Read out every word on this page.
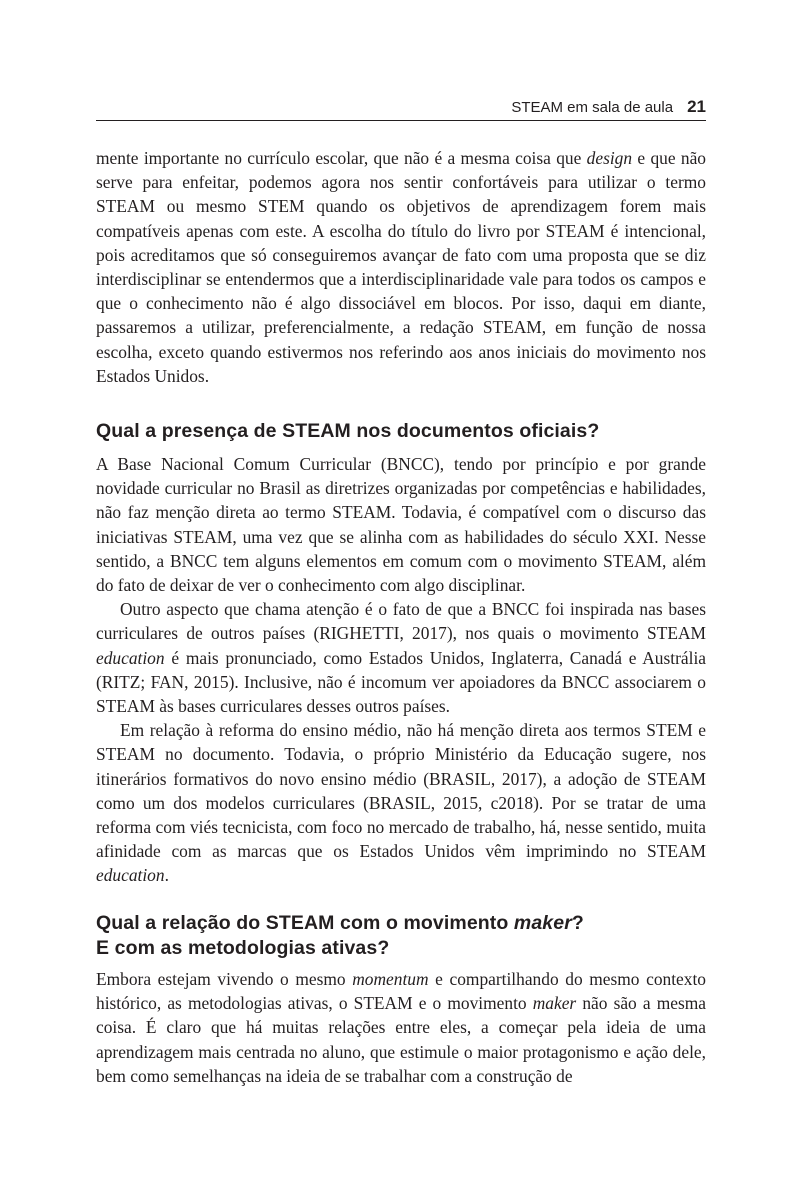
STEAM em sala de aula 21

mente importante no currículo escolar, que não é a mesma coisa que design e que não serve para enfeitar, podemos agora nos sentir confortáveis para utilizar o termo STEAM ou mesmo STEM quando os objetivos de aprendizagem forem mais compatíveis apenas com este. A escolha do título do livro por STEAM é intencional, pois acreditamos que só conseguiremos avançar de fato com uma proposta que se diz interdisciplinar se entendermos que a interdisciplinaridade vale para todos os campos e que o conhecimento não é algo dissociável em blocos. Por isso, daqui em diante, passaremos a utilizar, preferencialmente, a redação STEAM, em função de nossa escolha, exceto quando estivermos nos referindo aos anos iniciais do movimento nos Estados Unidos.

Qual a presença de STEAM nos documentos oficiais?

A Base Nacional Comum Curricular (BNCC), tendo por princípio e por grande novidade curricular no Brasil as diretrizes organizadas por competências e habilidades, não faz menção direta ao termo STEAM. Todavia, é compatível com o discurso das iniciativas STEAM, uma vez que se alinha com as habilidades do século XXI. Nesse sentido, a BNCC tem alguns elementos em comum com o movimento STEAM, além do fato de deixar de ver o conhecimento com algo disciplinar.

Outro aspecto que chama atenção é o fato de que a BNCC foi inspirada nas bases curriculares de outros países (RIGHETTI, 2017), nos quais o movimento STEAM education é mais pronunciado, como Estados Unidos, Inglaterra, Canadá e Austrália (RITZ; FAN, 2015). Inclusive, não é incomum ver apoiadores da BNCC associarem o STEAM às bases curriculares desses outros países.

Em relação à reforma do ensino médio, não há menção direta aos termos STEM e STEAM no documento. Todavia, o próprio Ministério da Educação sugere, nos itinerários formativos do novo ensino médio (BRASIL, 2017), a adoção de STEAM como um dos modelos curriculares (BRASIL, 2015, c2018). Por se tratar de uma reforma com viés tecnicista, com foco no mercado de trabalho, há, nesse sentido, muita afinidade com as marcas que os Estados Unidos vêm imprimindo no STEAM education.

Qual a relação do STEAM com o movimento maker?
E com as metodologias ativas?

Embora estejam vivendo o mesmo momentum e compartilhando do mesmo contexto histórico, as metodologias ativas, o STEAM e o movimento maker não são a mesma coisa. É claro que há muitas relações entre eles, a começar pela ideia de uma aprendizagem mais centrada no aluno, que estimule o maior protagonismo e ação dele, bem como semelhanças na ideia de se trabalhar com a construção de
